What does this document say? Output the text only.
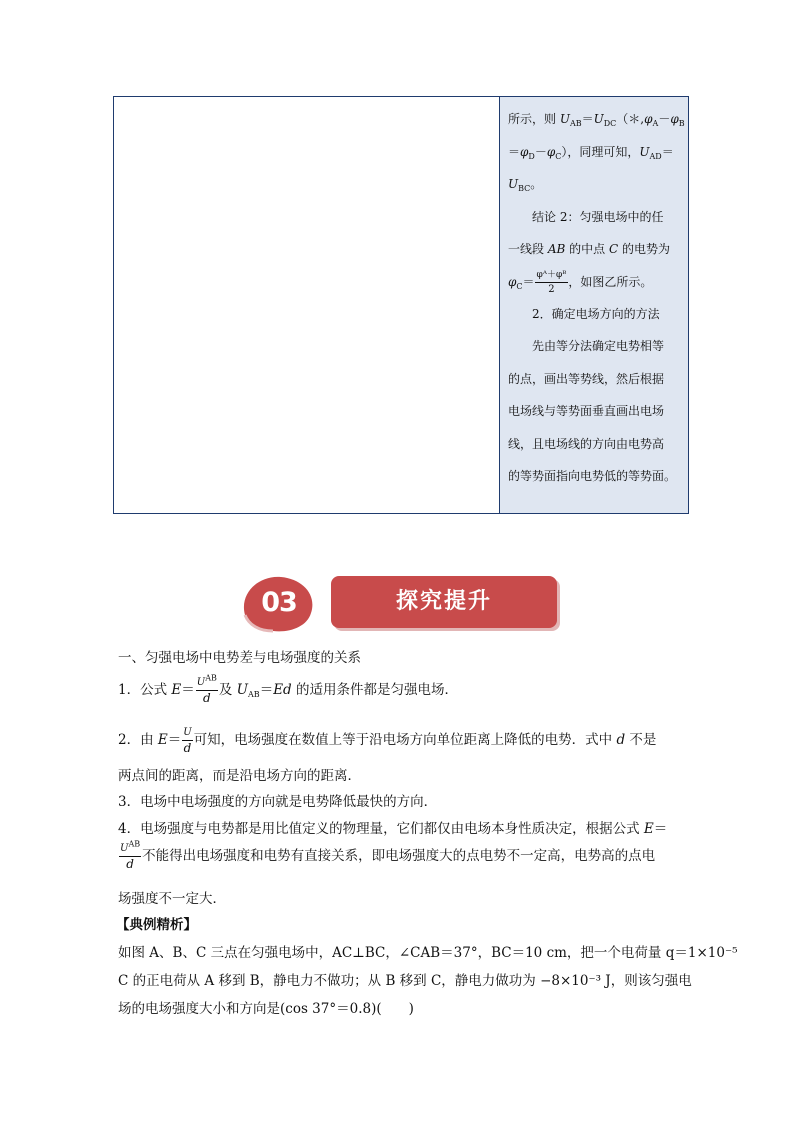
所示，则 $U_{AB}=U_{DC}(*,\varphi_A-\varphi_B$

$=\varphi_D-\varphi_C$），同理可知，$U_{AD}=$

$U_{BC}$。

结论 2：匀强电场中的任

一线段 AB 的中点 C 的电势为

$\varphi_C= \frac{\text{φᴬ＋φᴮ}}{2}$ ，如图乙所示。

2．确定电场方向的方法

先由等分法确定电势相等

的点，画出等势线，然后根据

电场线与等势面垂直画出电场

线，且电场线的方向由电势高

的等势面指向电势低的等势面。

03	探究提升
一、匀强电场中电势差与电场强度的关系
1．公式 $E= \frac{U^{AB}}{d}$ 及 $U_{AB}=Ed$ 的适用条件都是匀强电场．
2．由 $E= \frac{U}{d}$ 可知，电场强度在数值上等于沿电场方向单位距离上降低的电势．式中 d 不是
两点间的距离，而是沿电场方向的距离．
3．电场中电场强度的方向就是电势降低最快的方向．
4．电场强度与电势都是用比值定义的物理量，它们都仅由电场本身性质决定，根据公式 E＝
$\frac{U^{AB}}{d}$ 不能得出电场强度和电势有直接关系，即电场强度大的点电势不一定高，电势高的点电
场强度不一定大．
【典例精析】
如图 A、B、C 三点在匀强电场中，AC⊥BC，∠CAB＝37°，BC＝10 cm，把一个电荷量 q＝1×10⁻⁵
C 的正电荷从 A 移到 B，静电力不做功；从 B 移到 C，静电力做功为 −8×10⁻³ J，则该匀强电
场的电场强度大小和方向是(cos 37°＝0.8)(　　)
